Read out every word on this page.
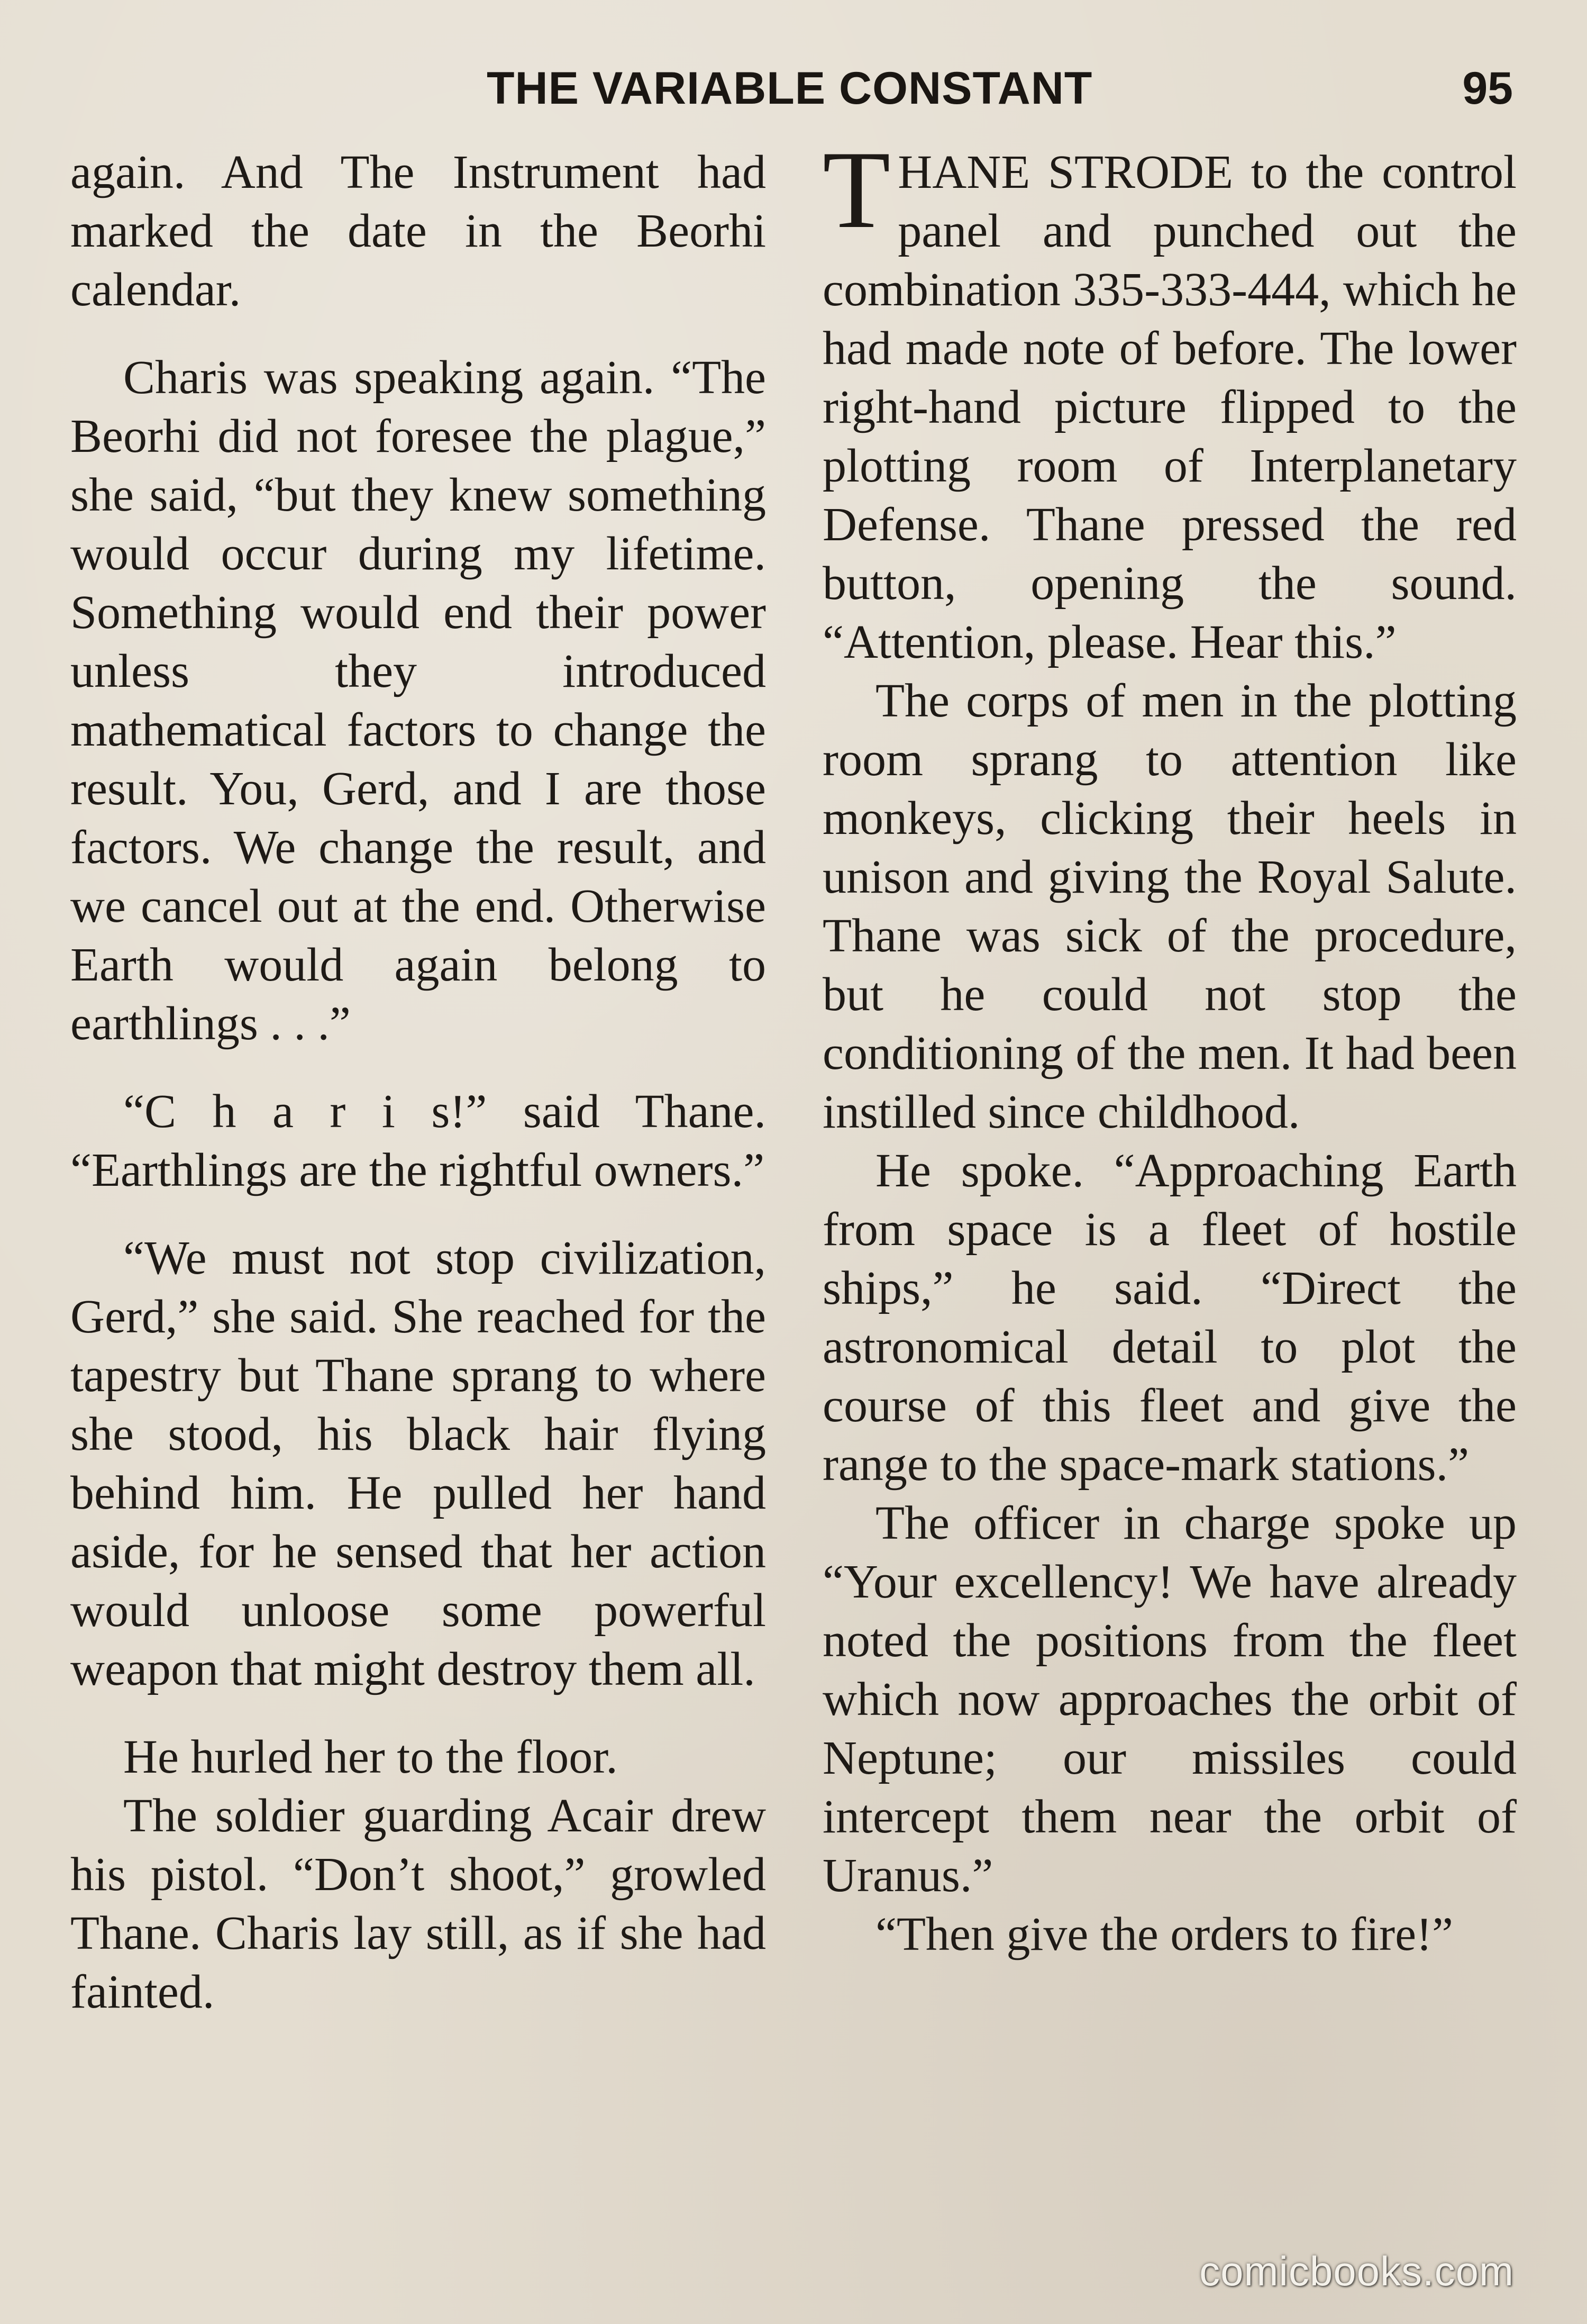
THE VARIABLE CONSTANT	95

again. And The Instrument had marked the date in the Beorhi calendar.

Charis was speaking again. “The Beorhi did not foresee the plague,” she said, “but they knew something would occur during my lifetime. Something would end their power unless they introduced mathematical factors to change the result. You, Gerd, and I are those factors. We change the result, and we cancel out at the end. Otherwise Earth would again belong to earthlings . . .”

“C h a r i s!” said Thane. “Earthlings are the rightful owners.”

“We must not stop civilization, Gerd,” she said. She reached for the tapestry but Thane sprang to where she stood, his black hair flying behind him. He pulled her hand aside, for he sensed that her action would unloose some powerful weapon that might destroy them all.

He hurled her to the floor.

The soldier guarding Acair drew his pistol. “Don’t shoot,” growled Thane. Charis lay still, as if she had fainted.

THANE STRODE to the control panel and punched out the combination 335-333-444, which he had made note of before. The lower right-hand picture flipped to the plotting room of Interplanetary Defense. Thane pressed the red button, opening the sound. “Attention, please. Hear this.”

The corps of men in the plotting room sprang to attention like monkeys, clicking their heels in unison and giving the Royal Salute. Thane was sick of the procedure, but he could not stop the conditioning of the men. It had been instilled since childhood.

He spoke. “Approaching Earth from space is a fleet of hostile ships,” he said. “Direct the astronomical detail to plot the course of this fleet and give the range to the space-mark stations.”

The officer in charge spoke up “Your excellency! We have already noted the positions from the fleet which now approaches the orbit of Neptune; our missiles could intercept them near the orbit of Uranus.”

“Then give the orders to fire!”

comicbooks.com
